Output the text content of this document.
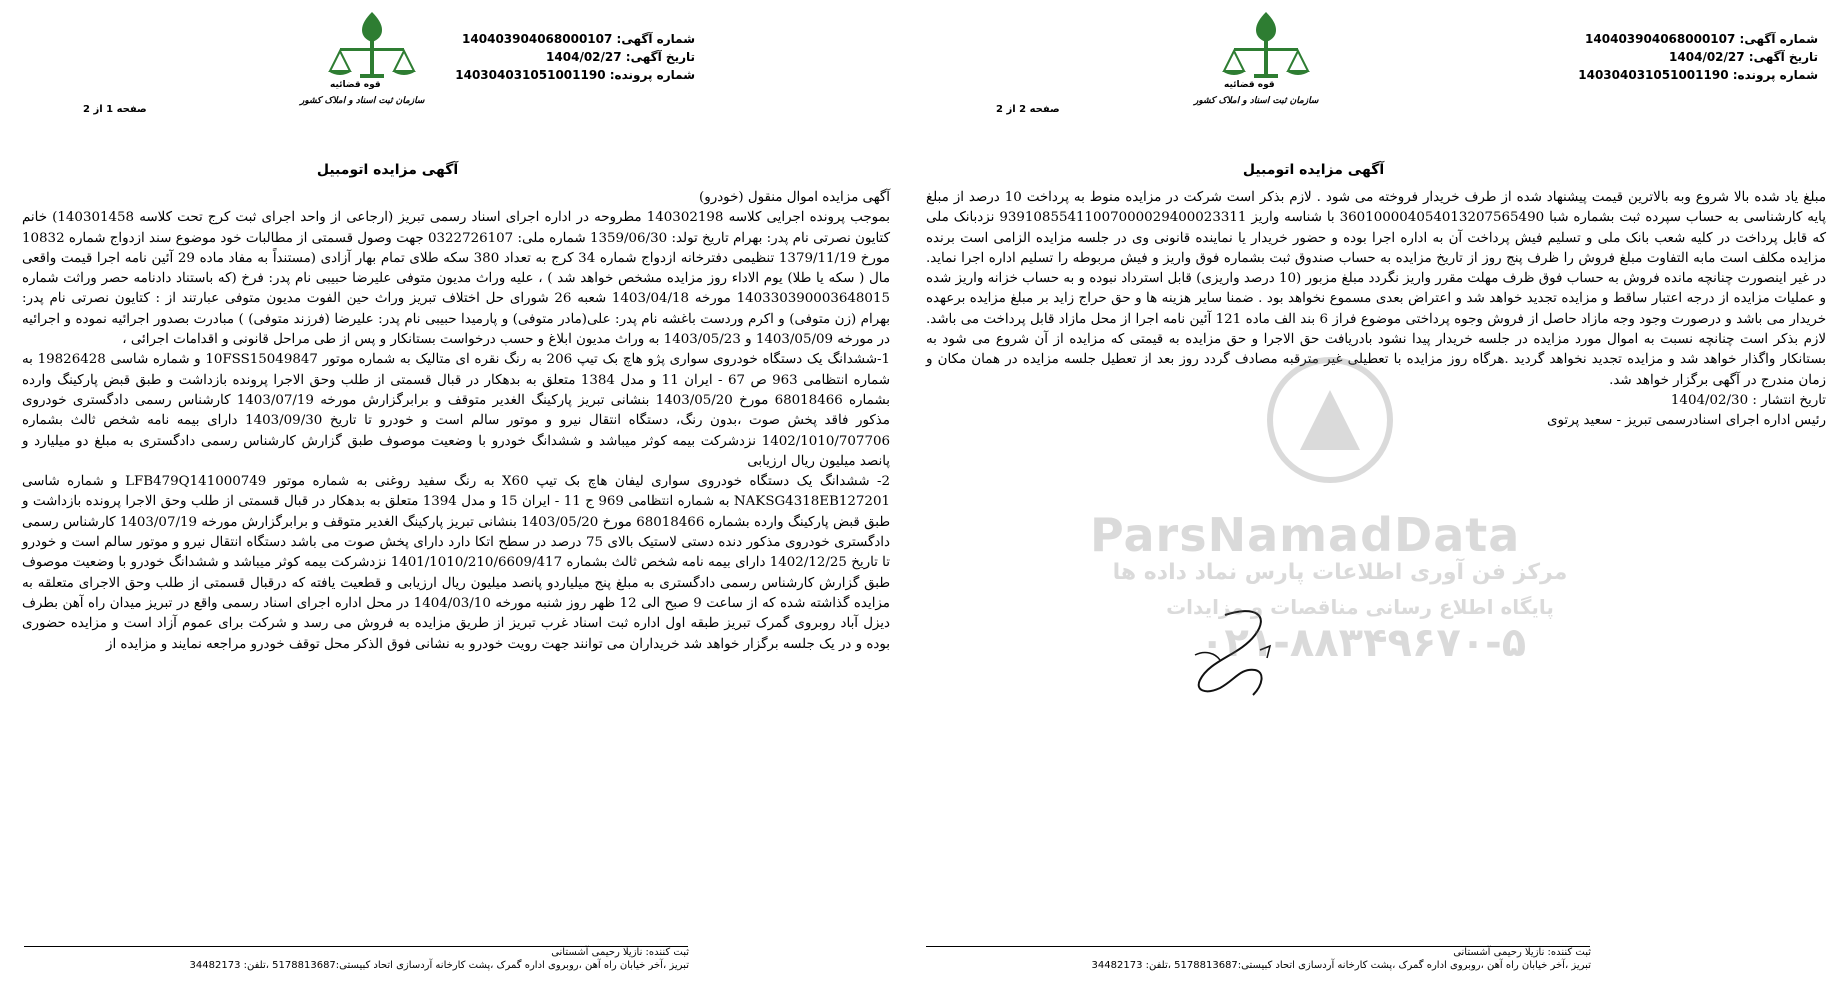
قوه قضائیه
سازمان ثبت اسناد و املاک کشور
شماره آگهی: 140403904068000107
تاریخ آگهی: 1404/02/27
شماره پرونده: 140304031051001190
صفحه 1 از 2
آگهی مزایده اتومبیل

آگهی مزایده اموال منقول (خودرو)

بموجب پرونده اجرایی کلاسه 140302198 مطروحه در اداره اجرای اسناد رسمی تبریز (ارجاعی از واحد اجرای ثبت کرج تحت کلاسه 140301458) خانم کتایون نصرتی نام پدر: بهرام تاریخ تولد: 1359/06/30 شماره ملی: 0322726107 جهت وصول قسمتی از مطالبات خود موضوع سند ازدواج شماره 10832 مورخ 1379/11/19 تنظیمی دفترخانه ازدواج شماره 34 کرج به تعداد 380 سکه طلای تمام بهار آزادی (مستنداً به مفاد ماده 29 آئین نامه اجرا قیمت واقعی مال ( سکه یا طلا) یوم الاداء روز مزایده مشخص خواهد شد ) ، علیه وراث مدیون متوفی علیرضا حبیبی نام پدر: فرخ (که باستناد دادنامه حصر وراثت شماره 140330390003648015 مورخه 1403/04/18 شعبه 26 شورای حل اختلاف تبریز وراث حین الفوت مدیون متوفی عبارتند از : کتایون نصرتی نام پدر: بهرام (زن متوفی) و اکرم وردست باغشه نام پدر: علی(مادر متوفی) و پارمیدا حبیبی نام پدر: علیرضا (فرزند متوفی) ) مبادرت بصدور اجرائیه نموده و اجرائیه در مورخه 1403/05/09 و 1403/05/23 به وراث مدیون ابلاغ و حسب درخواست بستانکار و پس از طی مراحل قانونی و اقدامات اجرائی ،

1-ششدانگ یک دستگاه خودروی سواری پژو هاچ بک تیپ 206 به رنگ نقره ای متالیک به شماره موتور 10FSS15049847 و شماره شاسی 19826428 به شماره انتظامی 963 ص 67 - ایران 11 و مدل 1384 متعلق به بدهکار در قبال قسمتی از طلب وحق الاجرا پرونده بازداشت و طبق قبض پارکینگ وارده بشماره 68018466 مورخ 1403/05/20 بنشانی تبریز پارکینگ الغدیر متوقف و برابرگزارش مورخه 1403/07/19 کارشناس رسمی دادگستری خودروی مذکور فاقد پخش صوت ،بدون رنگ، دستگاه انتقال نیرو و موتور سالم است و خودرو تا تاریخ 1403/09/30 دارای بیمه نامه شخص ثالث بشماره 1402/1010/707706 نزدشرکت بیمه کوثر میباشد و ششدانگ خودرو با وضعیت موصوف طبق گزارش کارشناس رسمی دادگستری به مبلغ دو میلیارد و پانصد میلیون ریال ارزیابی

2- ششدانگ یک دستگاه خودروی سواری لیفان هاچ بک تیپ X60 به رنگ سفید روغنی به شماره موتور LFB479Q141000749 و شماره شاسی NAKSG4318EB127201 به شماره انتظامی 969 ج 11 - ایران 15 و مدل 1394 متعلق به بدهکار در قبال قسمتی از طلب وحق الاجرا پرونده بازداشت و طبق قبض پارکینگ وارده بشماره 68018466 مورخ 1403/05/20 بنشانی تبریز پارکینگ الغدیر متوقف و برابرگزارش مورخه 1403/07/19 کارشناس رسمی دادگستری خودروی مذکور دنده دستی لاستیک بالای 75 درصد در سطح اتکا دارد دارای پخش صوت می باشد دستگاه انتقال نیرو و موتور سالم است و خودرو تا تاریخ 1402/12/25 دارای بیمه نامه شخص ثالث بشماره 1401/1010/210/6609/417 نزدشرکت بیمه کوثر میباشد و ششدانگ خودرو با وضعیت موصوف طبق گزارش کارشناس رسمی دادگستری به مبلغ پنج میلیاردو پانصد میلیون ریال ارزیابی و قطعیت یافته که درقبال قسمتی از طلب وحق الاجرای متعلقه به مزایده گذاشته شده که از ساعت 9 صبح الی 12 ظهر روز شنبه مورخه 1404/03/10 در محل اداره اجرای اسناد رسمی واقع در تبریز میدان راه آهن بطرف دیزل آباد روبروی گمرک تبریز طبقه اول اداره ثبت اسناد غرب تبریز از طریق مزایده به فروش می رسد و شرکت برای عموم آزاد است و مزایده حضوری بوده و در یک جلسه برگزار خواهد شد خریداران می توانند جهت رویت خودرو به نشانی فوق الذکر محل توقف خودرو مراجعه نمایند و مزایده از

ثبت کننده: نازیلا رحیمی آشستانی
تبریز ،آخر خیابان راه آهن ،روبروی اداره گمرک ،پشت کارخانه آردسازی اتحاد کبیستی:5178813687 ،تلفن: 34482173
قوه قضائیه
سازمان ثبت اسناد و املاک کشور
شماره آگهی: 140403904068000107
تاریخ آگهی: 1404/02/27
شماره پرونده: 140304031051001190
صفحه 2 از 2
آگهی مزایده اتومبیل

مبلغ یاد شده بالا شروع وبه بالاترین قیمت پیشنهاد شده از طرف خریدار فروخته می شود . لازم بذکر است شرکت در مزایده منوط به پرداخت 10 درصد از مبلغ پایه کارشناسی به حساب سپرده ثبت بشماره شبا 360100004054013207565490 با شناسه واریز 93910855411007000029400023311 نزدبانک ملی که قابل پرداخت در کلیه شعب بانک ملی و تسلیم فیش پرداخت آن به اداره اجرا بوده و حضور خریدار یا نماینده قانونی وی در جلسه مزایده الزامی است برنده مزایده مکلف است مابه التفاوت مبلغ فروش را ظرف پنج روز از تاریخ مزایده به حساب صندوق ثبت بشماره فوق واریز و فیش مربوطه را تسلیم اداره اجرا نماید. در غیر اینصورت چنانچه مانده فروش به حساب فوق ظرف مهلت مقرر واریز نگردد مبلغ مزبور (10 درصد واریزی) قابل استرداد نبوده و به حساب خزانه واریز شده و عملیات مزایده از درجه اعتبار ساقط و مزایده تجدید خواهد شد و اعتراض بعدی مسموع نخواهد بود . ضمنا سایر هزینه ها و حق حراج زاید بر مبلغ مزایده برعهده خریدار می باشد و درصورت وجود وجه مازاد حاصل از فروش وجوه پرداختی موضوع فراز 6 بند الف ماده 121 آئین نامه اجرا از محل مازاد قابل پرداخت می باشد. لازم بذکر است چنانچه نسبت به اموال مورد مزایده در جلسه خریدار پیدا نشود بادریافت حق الاجرا و حق مزایده به قیمتی که مزایده از آن شروع می شود به بستانکار واگذار خواهد شد و مزایده تجدید نخواهد گردید .هرگاه روز مزایده با تعطیلی غیر مترقبه مصادف گردد روز بعد از تعطیل جلسه مزایده در همان مکان و زمان مندرج در آگهی برگزار خواهد شد.

تاریخ انتشار : 1404/02/30

رئیس اداره اجرای اسنادرسمی تبریز - سعید پرتوی

ثبت کننده: نازیلا رحیمی آشستانی
تبریز ،آخر خیابان راه آهن ،روبروی اداره گمرک ،پشت کارخانه آردسازی اتحاد کبیستی:5178813687 ،تلفن: 34482173
ParsNamadData
مرکز فن آوری اطلاعات پارس نماد داده ها
پایگاه اطلاع رسانی مناقصات و مزایدات
۰۲۱-۸۸۳۴۹۶۷۰-۵
